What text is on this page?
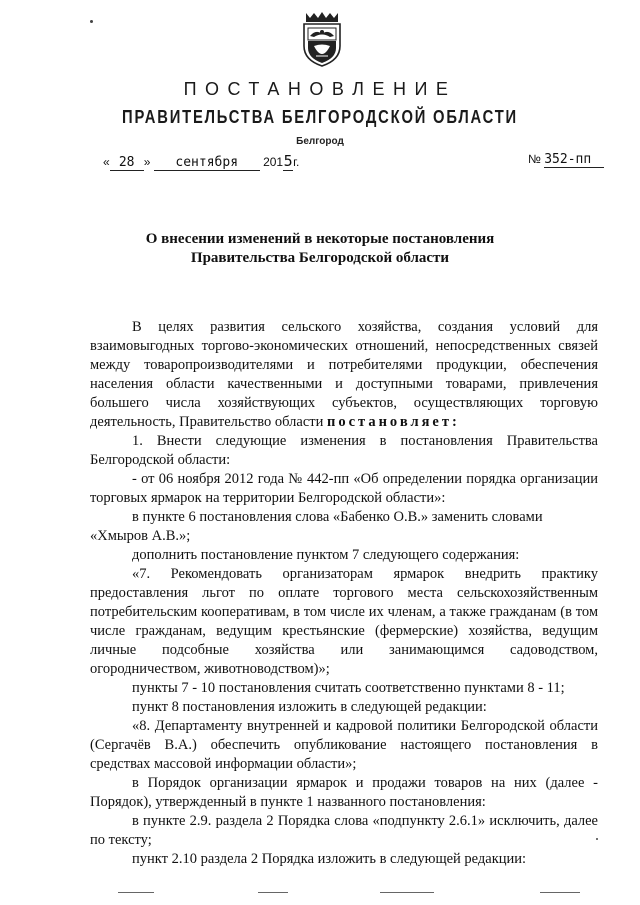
ПОСТАНОВЛЕНИЕ
ПРАВИТЕЛЬСТВА БЕЛГОРОДСКОЙ ОБЛАСТИ
Белгород
« 28 » сентября 2015г.	№ 352-пп
О внесении изменений в некоторые постановления
Правительства Белгородской области

В целях развития сельского хозяйства, создания условий для взаимовыгодных торгово-экономических отношений, непосредственных связей между товаропроизводителями и потребителями продукции, обеспечения населения области качественными и доступными товарами, привлечения большего числа хозяйствующих субъектов, осуществляющих торговую деятельность, Правительство области постановляет:

1. Внести следующие изменения в постановления Правительства Белгородской области:

- от 06 ноября 2012 года № 442-пп «Об определении порядка организации торговых ярмарок на территории Белгородской области»:

в пункте 6 постановления слова «Бабенко О.В.» заменить словами

«Хмыров А.В.»;

дополнить постановление пунктом 7 следующего содержания:

«7. Рекомендовать организаторам ярмарок внедрить практику предоставления льгот по оплате торгового места сельскохозяйственным потребительским кооперативам, в том числе их членам, а также гражданам (в том числе гражданам, ведущим крестьянские (фермерские) хозяйства, ведущим личные подсобные хозяйства или занимающимся садоводством, огородничеством, животноводством)»;

пункты 7 - 10 постановления считать соответственно пунктами 8 - 11;

пункт 8 постановления изложить в следующей редакции:

«8. Департаменту внутренней и кадровой политики Белгородской области (Сергачёв В.А.) обеспечить опубликование настоящего постановления в средствах массовой информации области»;

в Порядок организации ярмарок и продажи товаров на них (далее - Порядок), утвержденный в пункте 1 названного постановления:

в пункте 2.9. раздела 2 Порядка слова «подпункту 2.6.1» исключить, далее по тексту;

пункт 2.10 раздела 2 Порядка изложить в следующей редакции:
